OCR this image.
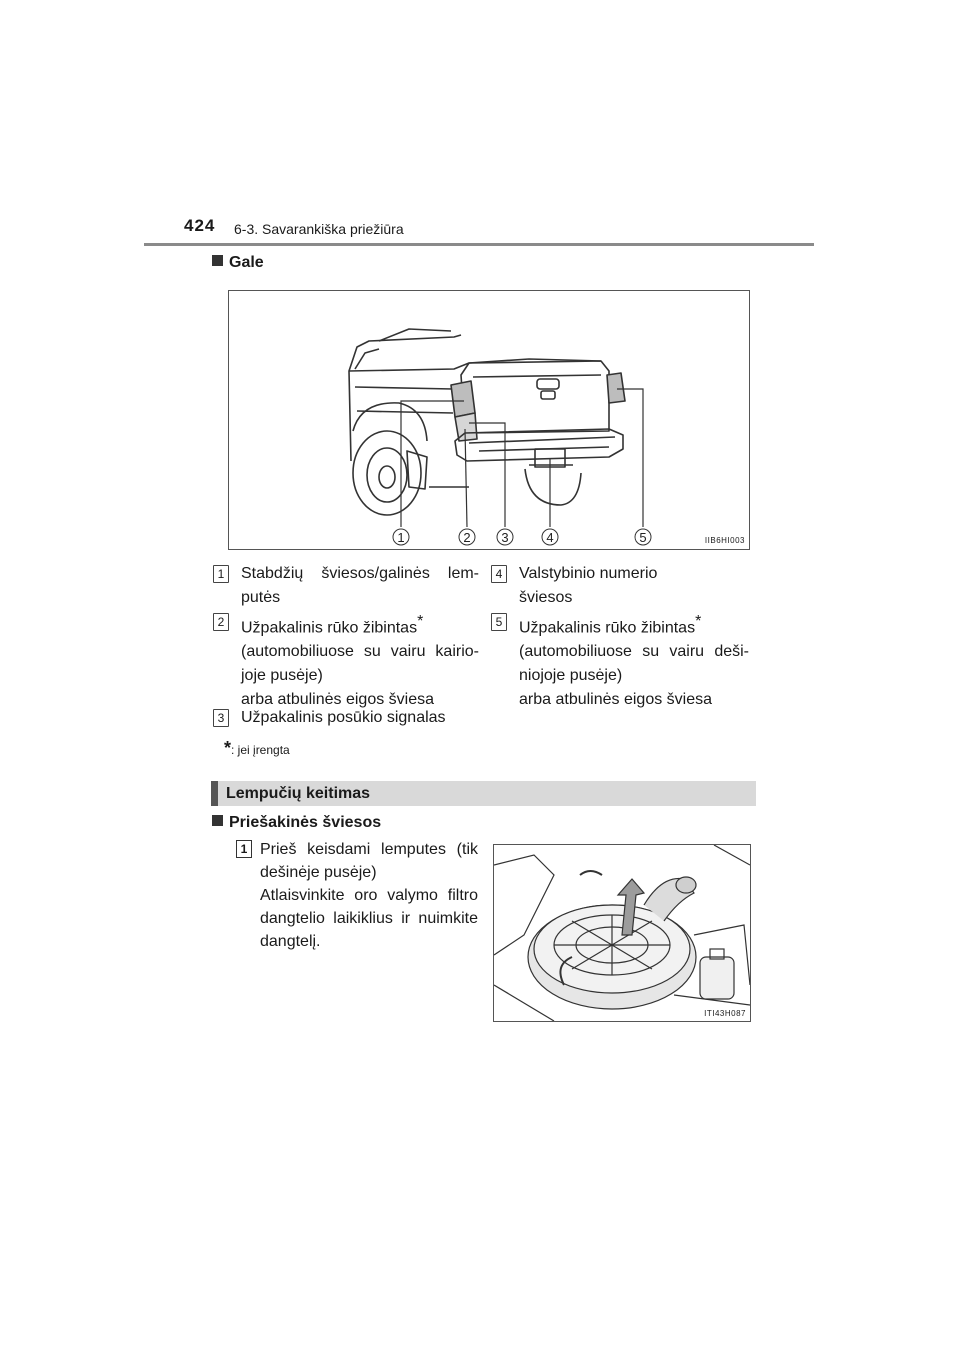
424 6-3. Savarankiška priežiūra
Gale
1	2 3	4	5	IIB6HI003
1 Stabdžių šviesos/galinės lem-putės
2 Užpakalinis rūko žibintas*

(automobiliuose su vairu kairio-joje pusėje)
arba atbulinės eigos šviesa
3 Užpakalinis posūkio signalas
4 Valstybinio numerio šviesos
5 Užpakalinis rūko žibintas*

(automobiliuose su vairu deši-niojoje pusėje)
arba atbulinės eigos šviesa
*: jei įrengta
Lempučių keitimas
Priešakinės šviesos
1 Prieš keisdami lemputes (tik dešinėje pusėje)

Atlaisvinkite oro valymo filtro dangtelio laikiklius ir nuimkite dangtelį.

ITI43H087
